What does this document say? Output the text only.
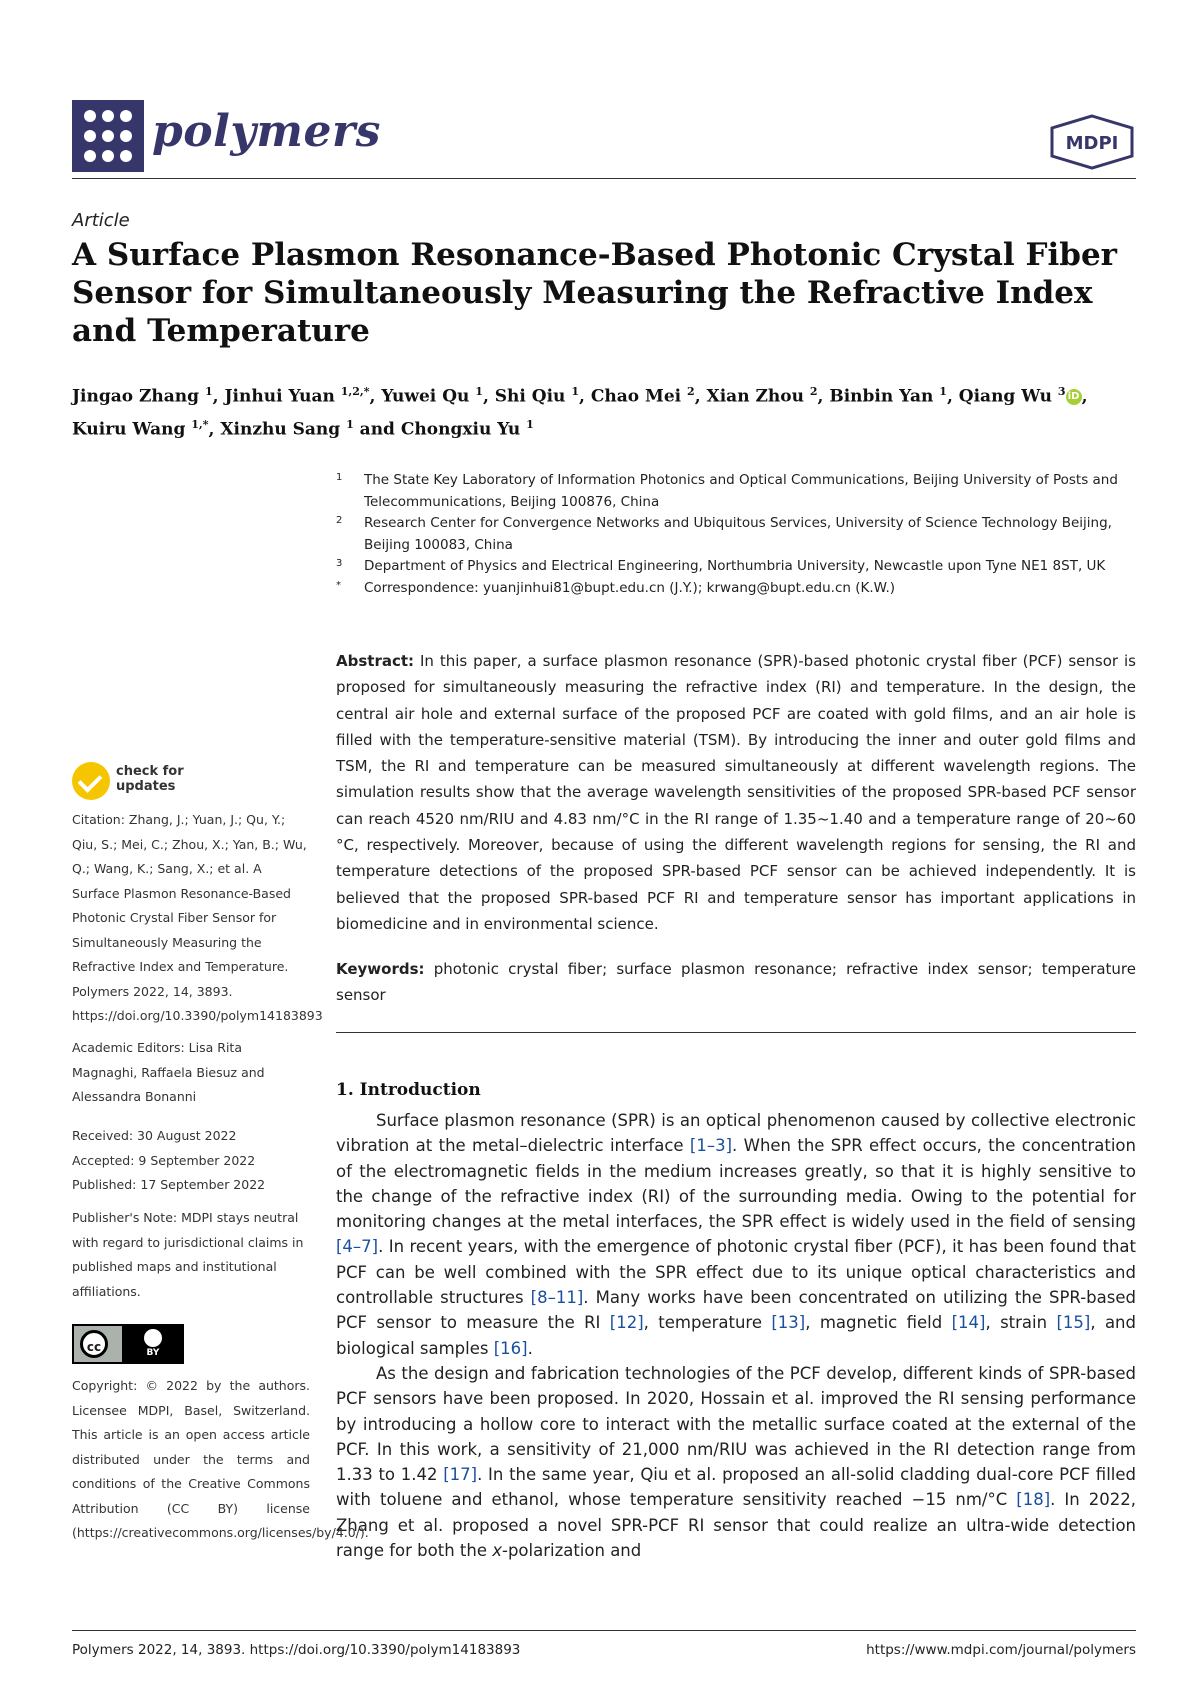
polymers	MDPI
Article
A Surface Plasmon Resonance-Based Photonic Crystal Fiber Sensor for Simultaneously Measuring the Refractive Index and Temperature
Jingao Zhang $^1$, Jinhui Yuan $^{1,2,*}$, Yuwei Qu $^1$, Shi Qiu $^1$, Chao Mei $^2$, Xian Zhou $^2$, Binbin Yan $^1$, Qiang Wu $^3$ iD ,
Kuiru Wang $^{1,*}$, Xinzhu Sang $^1$ and Chongxiu Yu $^1$
1 The State Key Laboratory of Information Photonics and Optical Communications, Beijing University of Posts and Telecommunications, Beijing 100876, China
2 Research Center for Convergence Networks and Ubiquitous Services, University of Science Technology Beijing, Beijing 100083, China
3 Department of Physics and Electrical Engineering, Northumbria University, Newcastle upon Tyne NE1 8ST, UK
* Correspondence: yuanjinhui81@bupt.edu.cn (J.Y.); krwang@bupt.edu.cn (K.W.)
Abstract: In this paper, a surface plasmon resonance (SPR)-based photonic crystal fiber (PCF) sensor is proposed for simultaneously measuring the refractive index (RI) and temperature. In the design, the central air hole and external surface of the proposed PCF are coated with gold films, and an air hole is filled with the temperature-sensitive material (TSM). By introducing the inner and outer gold films and TSM, the RI and temperature can be measured simultaneously at different wavelength regions. The simulation results show that the average wavelength sensitivities of the proposed SPR-based PCF sensor can reach 4520 nm/RIU and 4.83 nm/°C in the RI range of 1.35~1.40 and a temperature range of 20~60 °C, respectively. Moreover, because of using the different wavelength regions for sensing, the RI and temperature detections of the proposed SPR-based PCF sensor can be achieved independently. It is believed that the proposed SPR-based PCF RI and temperature sensor has important applications in biomedicine and in environmental science.
Keywords: photonic crystal fiber; surface plasmon resonance; refractive index sensor; temperature sensor
1. Introduction

Surface plasmon resonance (SPR) is an optical phenomenon caused by collective electronic vibration at the metal–dielectric interface [1–3]. When the SPR effect occurs, the concentration of the electromagnetic fields in the medium increases greatly, so that it is highly sensitive to the change of the refractive index (RI) of the surrounding media. Owing to the potential for monitoring changes at the metal interfaces, the SPR effect is widely used in the field of sensing [4–7]. In recent years, with the emergence of photonic crystal fiber (PCF), it has been found that PCF can be well combined with the SPR effect due to its unique optical characteristics and controllable structures [8–11]. Many works have been concentrated on utilizing the SPR-based PCF sensor to measure the RI [12], temperature [13], magnetic field [14], strain [15], and biological samples [16].

As the design and fabrication technologies of the PCF develop, different kinds of SPR-based PCF sensors have been proposed. In 2020, Hossain et al. improved the RI sensing performance by introducing a hollow core to interact with the metallic surface coated at the external of the PCF. In this work, a sensitivity of 21,000 nm/RIU was achieved in the RI detection range from 1.33 to 1.42 [17]. In the same year, Qiu et al. proposed an all-solid cladding dual-core PCF filled with toluene and ethanol, whose temperature sensitivity reached −15 nm/°C [18]. In 2022, Zhang et al. proposed a novel SPR-PCF RI sensor that could realize an ultra-wide detection range for both the x-polarization and

check for
updates
Citation: Zhang, J.; Yuan, J.; Qu, Y.; Qiu, S.; Mei, C.; Zhou, X.; Yan, B.; Wu, Q.; Wang, K.; Sang, X.; et al. A Surface Plasmon Resonance-Based Photonic Crystal Fiber Sensor for Simultaneously Measuring the Refractive Index and Temperature. Polymers 2022, 14, 3893. https://doi.org/10.3390/polym14183893
Academic Editors: Lisa Rita Magnaghi, Raffaela Biesuz and Alessandra Bonanni
Received: 30 August 2022
Accepted: 9 September 2022
Published: 17 September 2022
Publisher's Note: MDPI stays neutral with regard to jurisdictional claims in published maps and institutional affiliations.
cc	BY
Copyright: © 2022 by the authors. Licensee MDPI, Basel, Switzerland. This article is an open access article distributed under the terms and conditions of the Creative Commons Attribution (CC BY) license (https://creativecommons.org/licenses/by/4.0/).
Polymers 2022, 14, 3893. https://doi.org/10.3390/polym14183893	https://www.mdpi.com/journal/polymers
